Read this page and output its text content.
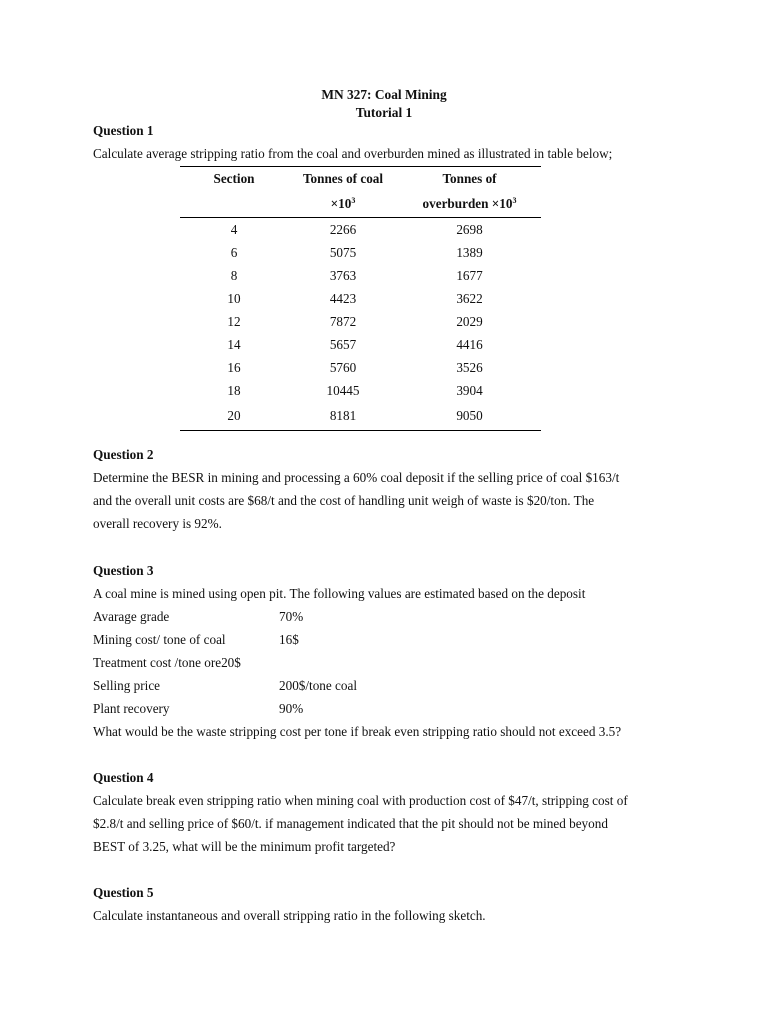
MN 327: Coal Mining
Tutorial 1
Question 1
Calculate average stripping ratio from the coal and overburden mined as illustrated in table below;
Section	Tonnes of coal	Tonnes of
	$\times 10^3$	overburden $\times 10^3$
4	2266	2698
6	5075	1389
8	3763	1677
10	4423	3622
12	7872	2029
14	5657	4416
16	5760	3526
18	10445	3904
20	8181	9050
Question 2
Determine the BESR in mining and processing a 60% coal deposit if the selling price of coal $163/t
and the overall unit costs are $68/t and the cost of handling unit weigh of waste is $20/ton. The
overall recovery is 92%.
Question 3
A coal mine is mined using open pit. The following values are estimated based on the deposit
Avarage grade	70%
Mining cost/ tone of coal	16$
Treatment cost /tone ore20$
Selling price	200$/tone coal
Plant recovery	90%
What would be the waste stripping cost per tone if break even stripping ratio should not exceed 3.5?
Question 4
Calculate break even stripping ratio when mining coal with production cost of $47/t, stripping cost of
$2.8/t and selling price of $60/t. if management indicated that the pit should not be mined beyond
BEST of 3.25, what will be the minimum profit targeted?
Question 5
Calculate instantaneous and overall stripping ratio in the following sketch.
